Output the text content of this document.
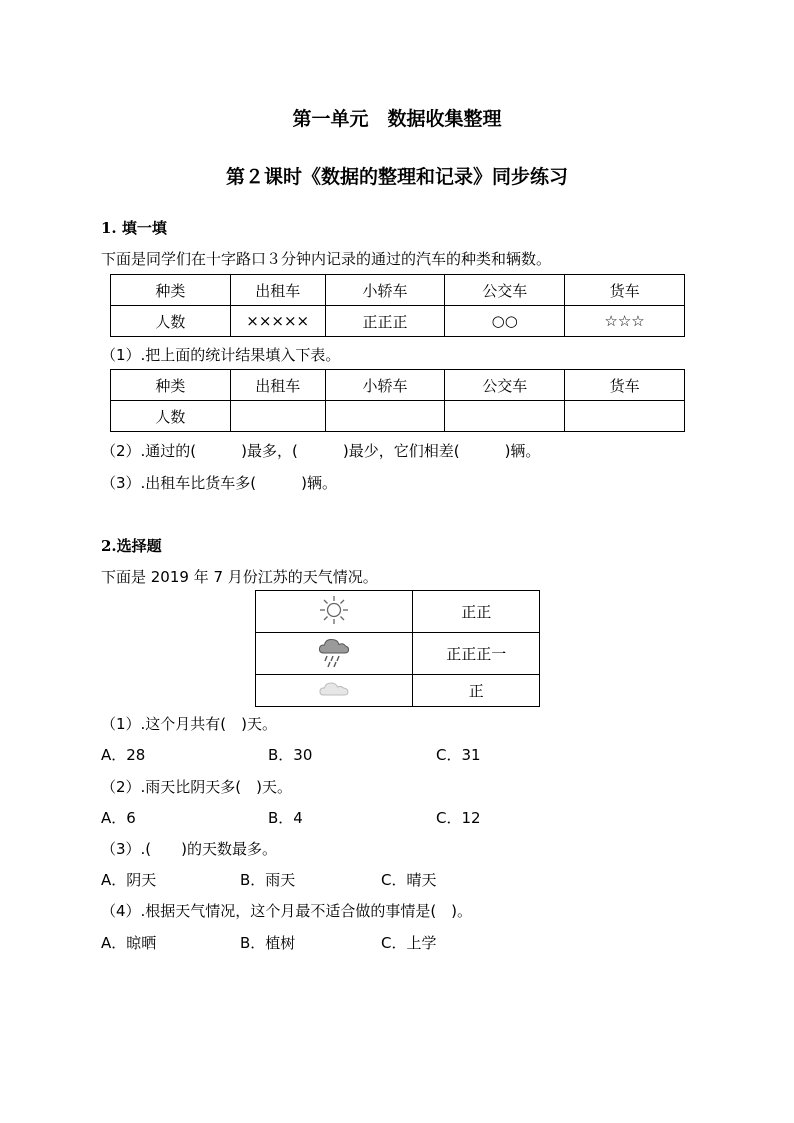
第一单元　数据收集整理
第２课时《数据的整理和记录》同步练习
1. 填一填
下面是同学们在十字路口３分钟内记录的通过的汽车的种类和辆数。
种类	出租车	小轿车	公交车	货车
人数	×××××	正正正	○○	☆☆☆
（1）.把上面的统计结果填入下表。
种类	出租车	小轿车	公交车	货车
人数				
（2）.通过的(　　　)最多，(　　　)最少，它们相差(　　　)辆。
（3）.出租车比货车多(　　　)辆。
2.选择题
下面是 2019 年 7 月份江苏的天气情况。
	正正
	正正正一
	正
（1）.这个月共有(　)天。
A．28	B．30	C．31
（2）.雨天比阴天多(　)天。
A．6	B．4	C．12
（3）.(　　)的天数最多。
A．阴天	B．雨天	C．晴天
（4）.根据天气情况，这个月最不适合做的事情是(　)。
A．晾晒	B．植树	C．上学
